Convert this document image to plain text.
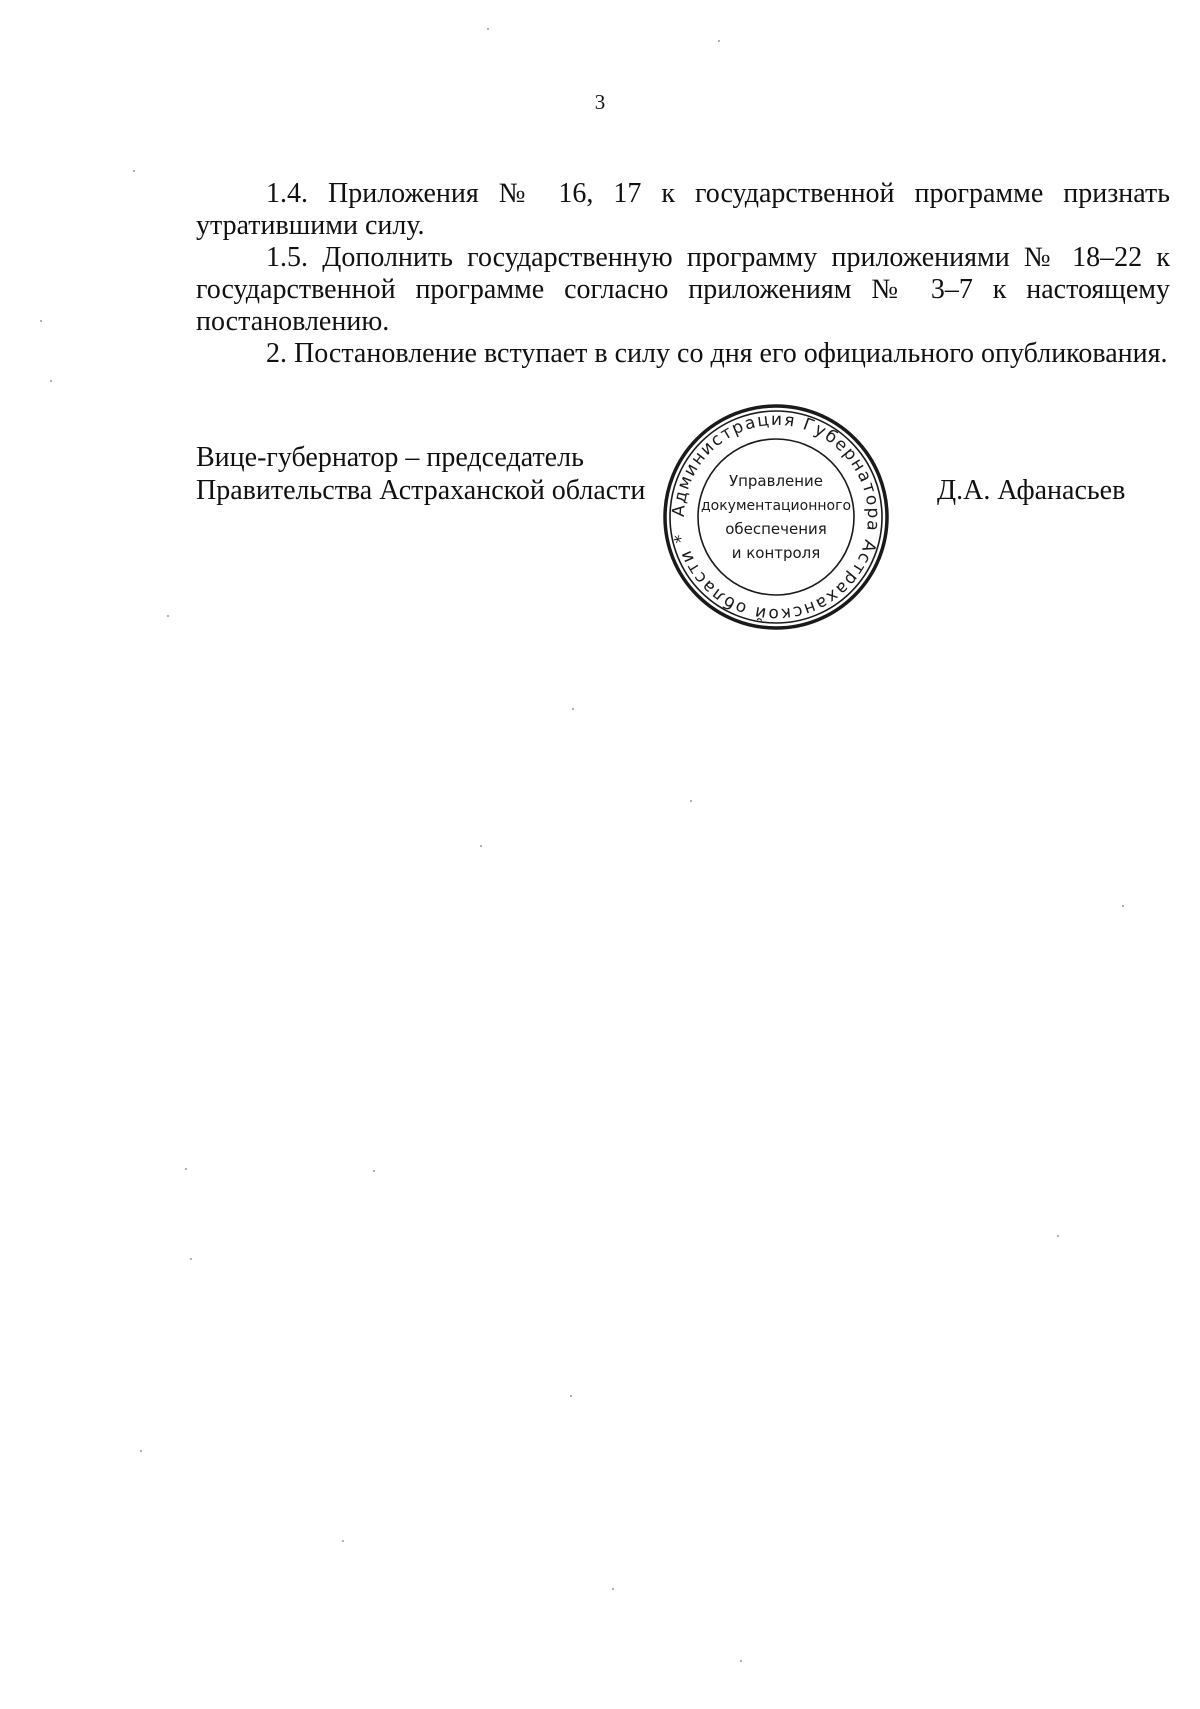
3

1.4. Приложения № 16, 17 к государственной программе признать утратившими силу.

1.5. Дополнить государственную программу приложениями № 18–22 к государственной программе согласно приложениям № 3–7 к настоящему постановлению.

2. Постановление вступает в силу со дня его официального опубликования.

Вице-губернатор – председатель
Правительства Астраханской области	Д.А. Афанасьев
Администрация Губернатора Астраханской области *
Управление
документационного
обеспечения
и контроля
